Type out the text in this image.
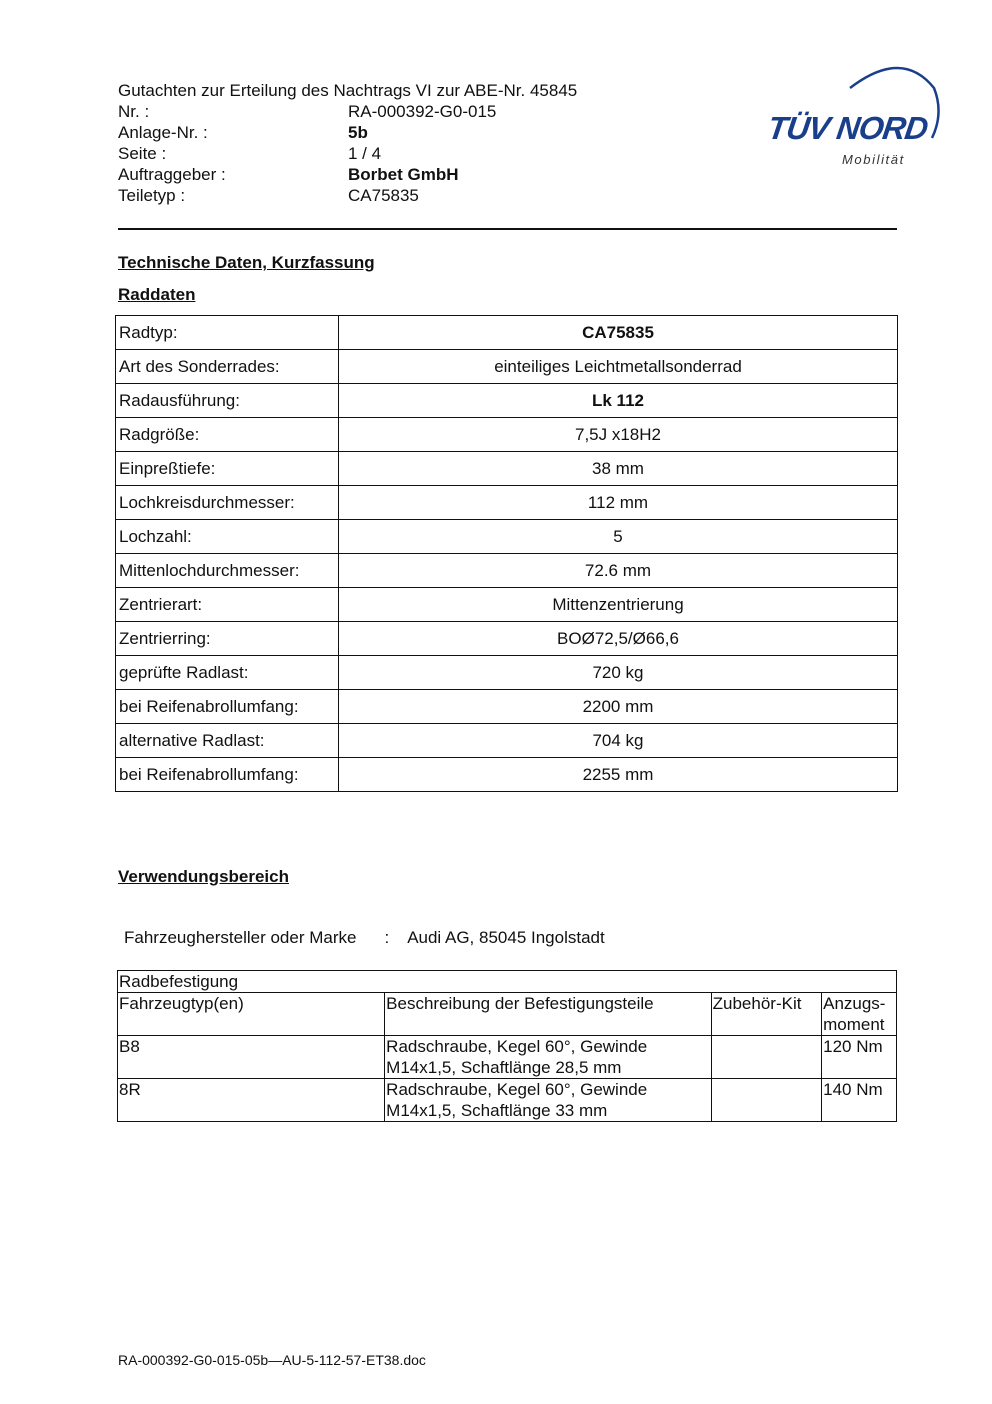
Gutachten zur Erteilung des Nachtrags VI zur ABE-Nr. 45845
Nr. :	RA-000392-G0-015
Anlage-Nr. :	5b
Seite :	1 / 4
Auftraggeber :	Borbet GmbH
Teiletyp :	CA75835
TÜV NORD
Mobilität
Technische Daten, Kurzfassung
Raddaten
Radtyp:	CA75835
Art des Sonderrades:	einteiliges Leichtmetallsonderrad
Radausführung:	Lk 112
Radgröße:	7,5J x18H2
Einpreßtiefe:	38 mm
Lochkreisdurchmesser:	112 mm
Lochzahl:	5
Mittenlochdurchmesser:	72.6 mm
Zentrierart:	Mittenzentrierung
Zentrierring:	BOØ72,5/Ø66,6
geprüfte Radlast:	720 kg
bei Reifenabrollumfang:	2200 mm
alternative Radlast:	704 kg
bei Reifenabrollumfang:	2255 mm
Verwendungsbereich
Fahrzeughersteller oder Marke : Audi AG, 85045 Ingolstadt
Radbefestigung			
Fahrzeugtyp(en)	Beschreibung der Befestigungsteile	Zubehör-Kit	Anzugs-moment
B8	Radschraube, Kegel 60°, Gewinde M14x1,5, Schaftlänge 28,5 mm		120 Nm
8R	Radschraube, Kegel 60°, Gewinde M14x1,5, Schaftlänge 33 mm		140 Nm
RA-000392-G0-015-05b—AU-5-112-57-ET38.doc
